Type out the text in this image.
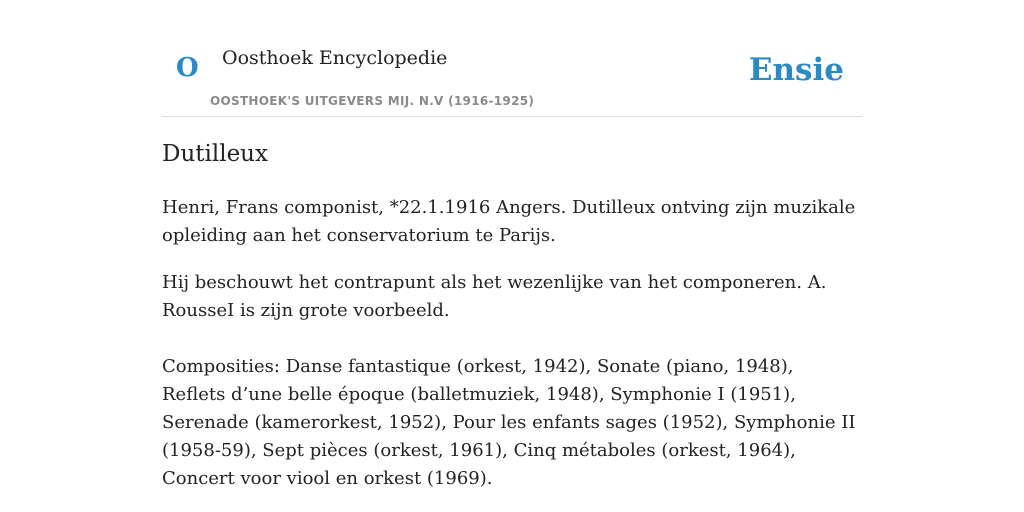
O Oosthoek Encyclopedie
OOSTHOEK'S UITGEVERS MIJ. N.V (1916-1925)
Ensie
Dutilleux

Henri, Frans componist, *22.1.1916 Angers. Dutilleux ontving zijn muzikale opleiding aan het conservatorium te Parijs.

Hij beschouwt het contrapunt als het wezenlijke van het componeren. A. RousseI is zijn grote voorbeeld.

Composities: Danse fantastique (orkest, 1942), Sonate (piano, 1948), Reflets d’une belle époque (balletmuziek, 1948), Symphonie I (1951), Serenade (kamerorkest, 1952), Pour les enfants sages (1952), Symphonie II (1958-59), Sept pièces (orkest, 1961), Cinq métaboles (orkest, 1964), Concert voor viool en orkest (1969).
